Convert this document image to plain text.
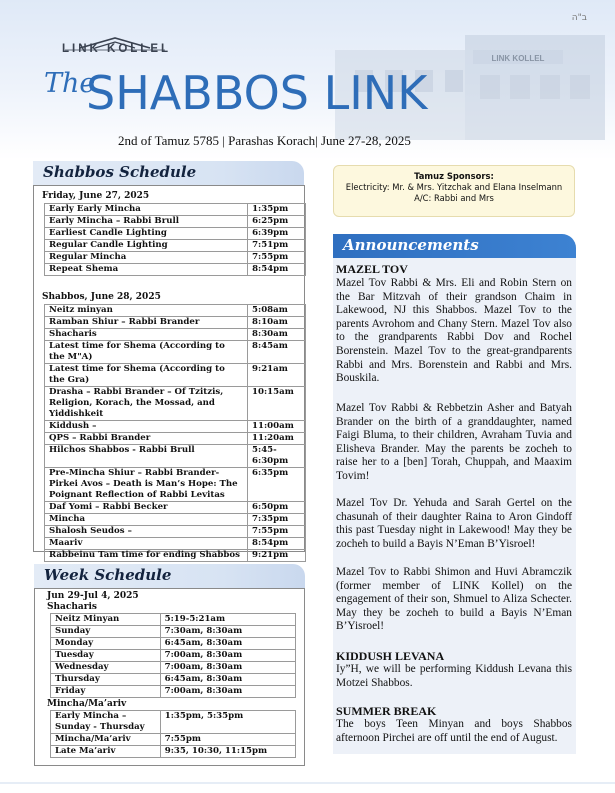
LINK KOLLEL
ב"ה
LINK KOLLEL
The
SHABBOS LINK
2nd of Tamuz 5785 | Parashas Korach| June 27-28, 2025
Shabbos Schedule
Friday, June 27, 2025
Early Early Mincha	1:35pm
Early Mincha – Rabbi Brull	6:25pm
Earliest Candle Lighting	6:39pm
Regular Candle Lighting	7:51pm
Regular Mincha	7:55pm
Repeat Shema	8:54pm
Shabbos, June 28, 2025
Neitz minyan	5:08am
Ramban Shiur – Rabbi Brander	8:10am
Shacharis	8:30am
Latest time for Shema (According to the M"A)	8:45am
Latest time for Shema (According to the Gra)	9:21am
Drasha – Rabbi Brander – Of Tzitzis, Religion, Korach, the Mossad, and Yiddishkeit	10:15am
Kiddush –	11:00am
QPS – Rabbi Brander	11:20am
Hilchos Shabbos - Rabbi Brull	5:45-6:30pm
Pre-Mincha Shiur – Rabbi Brander- Pirkei Avos – Death is Man’s Hope: The Poignant Reflection of Rabbi Levitas	6:35pm
Daf Yomi – Rabbi Becker	6:50pm
Mincha	7:35pm
Shalosh Seudos –	7:55pm
Maariv	8:54pm
Rabbeinu Tam time for ending Shabbos	9:21pm
Week Schedule
Jun 29-Jul 4, 2025
Shacharis
Neitz Minyan	5:19-5:21am
Sunday	7:30am, 8:30am
Monday	6:45am, 8:30am
Tuesday	7:00am, 8:30am
Wednesday	7:00am, 8:30am
Thursday	6:45am, 8:30am
Friday	7:00am, 8:30am
Mincha/Ma’ariv
Early Mincha – Sunday - Thursday	1:35pm, 5:35pm
Mincha/Ma’ariv	7:55pm
Late Ma’ariv	9:35, 10:30, 11:15pm
Tamuz Sponsors:
Electricity: Mr. & Mrs. Yitzchak and Elana Inselmann
A/C: Rabbi and Mrs
Announcements
MAZEL TOV
Mazel Tov Rabbi & Mrs. Eli and Robin Stern on the Bar Mitzvah of their grandson Chaim in Lakewood, NJ this Shabbos. Mazel Tov to the parents Avrohom and Chany Stern. Mazel Tov also to the grandparents Rabbi Dov and Rochel Borenstein. Mazel Tov to the great-grandparents Rabbi and Mrs. Borenstein and Rabbi and Mrs. Bouskila.
Mazel Tov Rabbi & Rebbetzin Asher and Batyah Brander on the birth of a granddaughter, named Faigi Bluma, to their children, Avraham Tuvia and Elisheva Brander. May the parents be zocheh to raise her to a [ben] Torah, Chuppah, and Maaxim Tovim!
Mazel Tov Dr. Yehuda and Sarah Gertel on the chasunah of their daughter Raina to Aron Gindoff this past Tuesday night in Lakewood! May they be zocheh to build a Bayis N’Eman B’Yisroel!
Mazel Tov to Rabbi Shimon and Huvi Abramczik (former member of LINK Kollel) on the engagement of their son, Shmuel to Aliza Schecter. May they be zocheh to build a Bayis N’Eman B’Yisroel!
KIDDUSH LEVANA
Iy”H, we will be performing Kiddush Levana this Motzei Shabbos.
SUMMER BREAK
The boys Teen Minyan and boys Shabbos afternoon Pirchei are off until the end of August.
